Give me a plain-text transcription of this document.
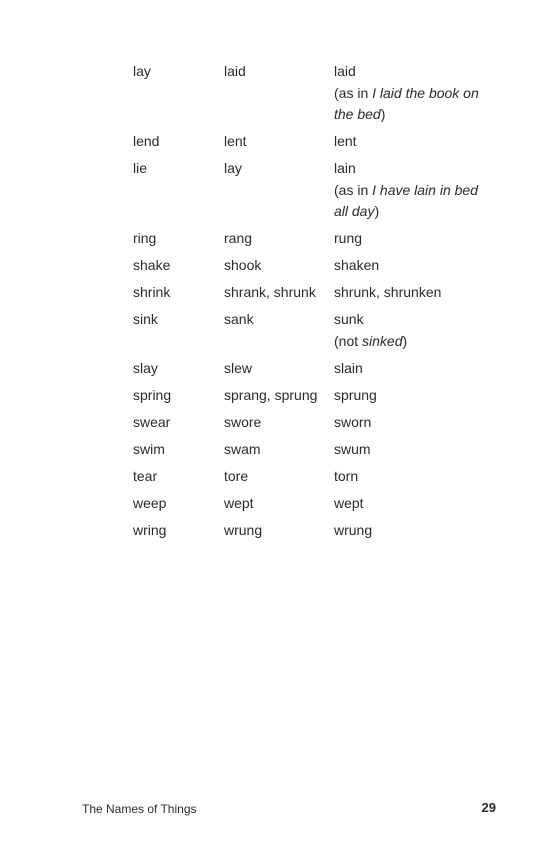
lay	laid	laid
(as in I laid the book on the bed)
lend	lent	lent
lie	lay	lain
(as in I have lain in bed all day)
ring	rang	rung
shake	shook	shaken
shrink	shrank, shrunk	shrunk, shrunken
sink	sank	sunk
(not sinked)
slay	slew	slain
spring	sprang, sprung	sprung
swear	swore	sworn
swim	swam	swum
tear	tore	torn
weep	wept	wept
wring	wrung	wrung
The Names of Things	29
